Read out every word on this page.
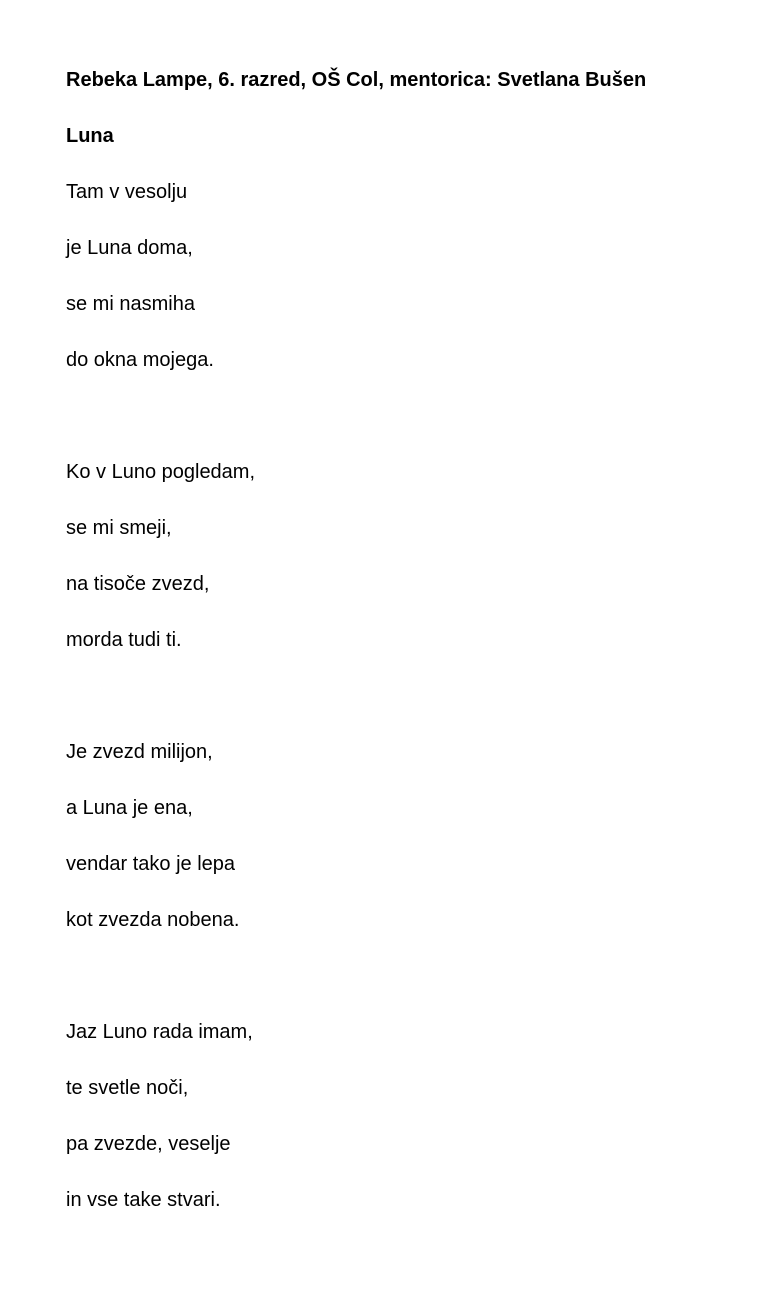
Rebeka Lampe, 6. razred, OŠ Col, mentorica: Svetlana Bušen
Luna
Tam v vesolju
je Luna doma,
se mi nasmiha
do okna mojega.
Ko v Luno pogledam,
se mi smeji,
na tisoče zvezd,
morda tudi ti.
Je zvezd milijon,
a Luna je ena,
vendar tako je lepa
kot zvezda nobena.
Jaz Luno rada imam,
te svetle noči,
pa zvezde, veselje
in vse take stvari.
